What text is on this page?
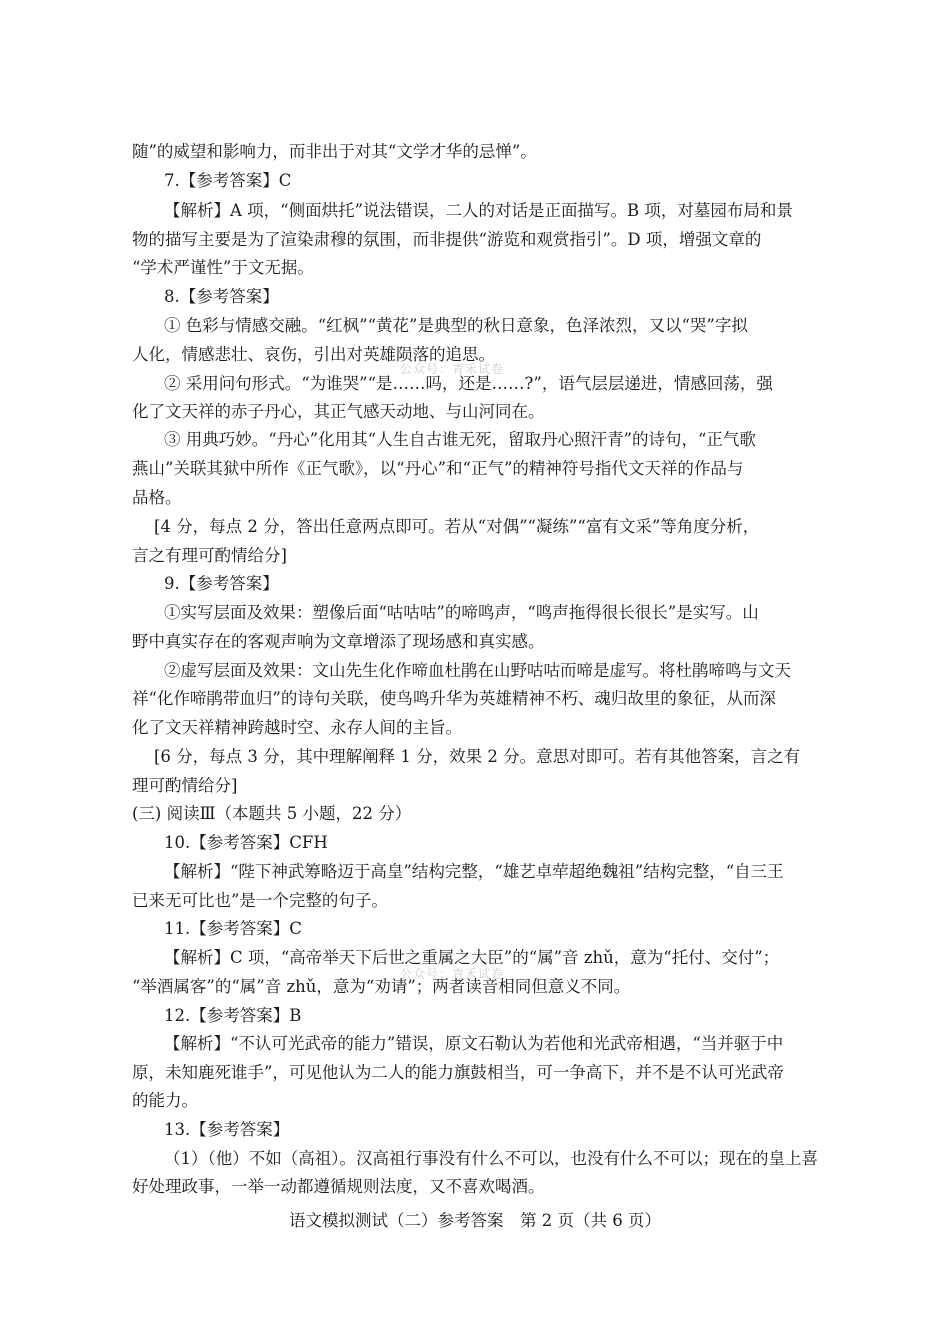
随”的威望和影响力，而非出于对其“文学才华的忌惮”。
7.【参考答案】C
【解析】A 项，“侧面烘托”说法错误，二人的对话是正面描写。B 项，对墓园布局和景
物的描写主要是为了渲染肃穆的氛围，而非提供“游览和观赏指引”。D 项，增强文章的
“学术严谨性”于文无据。
8.【参考答案】
① 色彩与情感交融。“红枫”“黄花”是典型的秋日意象，色泽浓烈，又以“哭”字拟
人化，情感悲壮、哀伤，引出对英雄陨落的追思。
② 采用问句形式。“为谁哭”“是……吗，还是……?”，语气层层递进，情感回荡，强
化了文天祥的赤子丹心，其正气感天动地、与山河同在。
③ 用典巧妙。“丹心”化用其“人生自古谁无死，留取丹心照汗青”的诗句，“正气歌
燕山”关联其狱中所作《正气歌》，以“丹心”和“正气”的精神符号指代文天祥的作品与
品格。
[4 分，每点 2 分，答出任意两点即可。若从“对偶”“凝练”“富有文采”等角度分析，
言之有理可酌情给分]
9.【参考答案】
①实写层面及效果：塑像后面“咕咕咕”的啼鸣声，“鸣声拖得很长很长”是实写。山
野中真实存在的客观声响为文章增添了现场感和真实感。
②虚写层面及效果：文山先生化作啼血杜鹃在山野咕咕而啼是虚写。将杜鹃啼鸣与文天
祥“化作啼鹃带血归”的诗句关联，使鸟鸣升华为英雄精神不朽、魂归故里的象征，从而深
化了文天祥精神跨越时空、永存人间的主旨。
[6 分，每点 3 分，其中理解阐释 1 分，效果 2 分。意思对即可。若有其他答案，言之有
理可酌情给分]
(三) 阅读Ⅲ（本题共 5 小题，22 分）
10.【参考答案】CFH
【解析】“陛下神武筹略迈于高皇”结构完整，“雄艺卓荦超绝魏祖”结构完整，“自三王
已来无可比也”是一个完整的句子。
11.【参考答案】C
【解析】C 项，“高帝举天下后世之重属之大臣”的“属”音 zhǔ，意为“托付、交付”；
“举酒属客”的“属”音 zhǔ，意为“劝请”；两者读音相同但意义不同。
12.【参考答案】B
【解析】“不认可光武帝的能力”错误，原文石勒认为若他和光武帝相遇，“当并驱于中
原，未知鹿死谁手”，可见他认为二人的能力旗鼓相当，可一争高下，并不是不认可光武帝
的能力。
13.【参考答案】
（1）（他）不如（高祖）。汉高祖行事没有什么不可以，也没有什么不可以；现在的皇上喜
好处理政事，一举一动都遵循规则法度，又不喜欢喝酒。
语文模拟测试（二）参考答案　第 2 页（共 6 页）
公众号：青禾试卷
公众号：青禾试卷
